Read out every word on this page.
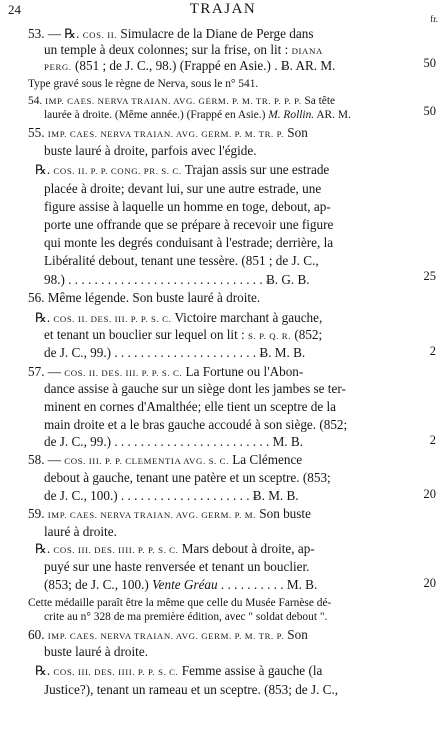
24	TRAJAN
fr.
53. — ℞. COS. II. Simulacre de la Diane de Perge dans
un temple à deux colonnes; sur la frise, on lit : DIANA
PERG. (851 ; de J. C., 98.) (Frappé en Asie.) . Ƀ. AR. M.	50
Type gravé sous le règne de Nerva, sous le n° 541.
54. IMP. CAES. NERVA TRAIAN. AVG. GERM. P. M. TR. P. P. P. Sa tête
laurée à droite. (Même année.) (Frappé en Asie.) M. Rollin. AR. M.	50
55. IMP. CAES. NERVA TRAIAN. AVG. GERM. P. M. TR. P. Son
buste lauré à droite, parfois avec l'égide.
℞. COS. II. P. P. CONG. PR. S. C. Trajan assis sur une estrade
placée à droite; devant lui, sur une autre estrade, une
figure assise à laquelle un homme en toge, debout, ap-
porte une offrande que se prépare à recevoir une figure
qui monte les degrés conduisant à l'estrade; derrière, la
Libéralité debout, tenant une tessère. (851 ; de J. C.,
98.) . . . . . . . . . . . . . . . . . . . . . . . . . . . . . . Ƀ. G. B.	25
56. Même légende. Son buste lauré à droite.
℞. COS. II. DES. III. P. P. S. C. Victoire marchant à gauche,
et tenant un bouclier sur lequel on lit : S. P. Q. R. (852;
de J. C., 99.) . . . . . . . . . . . . . . . . . . . . . . Ƀ. M. B.	2
57. — COS. II. DES. III. P. P. S. C. La Fortune ou l'Abon-
dance assise à gauche sur un siège dont les jambes se ter-
minent en cornes d'Amalthée; elle tient un sceptre de la
main droite et a le bras gauche accoudé à son siège. (852;
de J. C., 99.) . . . . . . . . . . . . . . . . . . . . . . . . M. B.	2
58. — COS. III. P. P. CLEMENTIA AVG. S. C. La Clémence
debout à gauche, tenant une patère et un sceptre. (853;
de J. C., 100.) . . . . . . . . . . . . . . . . . . . . Ƀ. M. B.	20
59. IMP. CAES. NERVA TRAIAN. AVG. GERM. P. M. Son buste
lauré à droite.
℞. COS. III. DES. IIII. P. P. S. C. Mars debout à droite, ap-
puyé sur une haste renversée et tenant un bouclier.
(853; de J. C., 100.) Vente Gréau . . . . . . . . . . M. B.	20
Cette médaille paraît être la même que celle du Musée Farnèse dé-
crite au n° 328 de ma première édition, avec " soldat debout ".
60. IMP. CAES. NERVA TRAIAN. AVG. GERM. P. M. TR. P. Son
buste lauré à droite.
℞. COS. III. DES. IIII. P. P. S. C. Femme assise à gauche (la
Justice?), tenant un rameau et un sceptre. (853; de J. C.,
